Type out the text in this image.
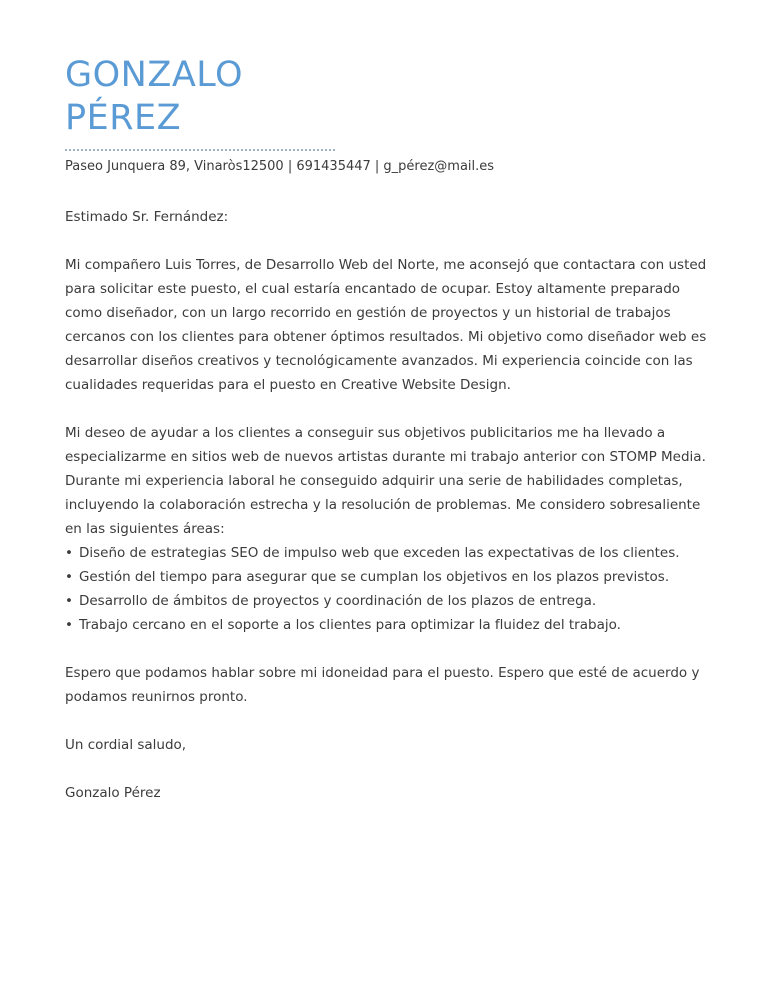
GONZALO
PÉREZ
Paseo Junquera 89, Vinaròs12500 | 691435447 | g_pérez@mail.es

Estimado Sr. Fernández:

Mi compañero Luis Torres, de Desarrollo Web del Norte, me aconsejó que contactara con usted para solicitar este puesto, el cual estaría encantado de ocupar. Estoy altamente preparado como diseñador, con un largo recorrido en gestión de proyectos y un historial de trabajos cercanos con los clientes para obtener óptimos resultados. Mi objetivo como diseñador web es desarrollar diseños creativos y tecnológicamente avanzados. Mi experiencia coincide con las cualidades requeridas para el puesto en Creative Website Design.

Mi deseo de ayudar a los clientes a conseguir sus objetivos publicitarios me ha llevado a especializarme en sitios web de nuevos artistas durante mi trabajo anterior con STOMP Media. Durante mi experiencia laboral he conseguido adquirir una serie de habilidades completas, incluyendo la colaboración estrecha y la resolución de problemas. Me considero sobresaliente en las siguientes áreas:

• Diseño de estrategias SEO de impulso web que exceden las expectativas de los clientes.
• Gestión del tiempo para asegurar que se cumplan los objetivos en los plazos previstos.
• Desarrollo de ámbitos de proyectos y coordinación de los plazos de entrega.
• Trabajo cercano en el soporte a los clientes para optimizar la fluidez del trabajo.

Espero que podamos hablar sobre mi idoneidad para el puesto. Espero que esté de acuerdo y podamos reunirnos pronto.

Un cordial saludo,

Gonzalo Pérez
